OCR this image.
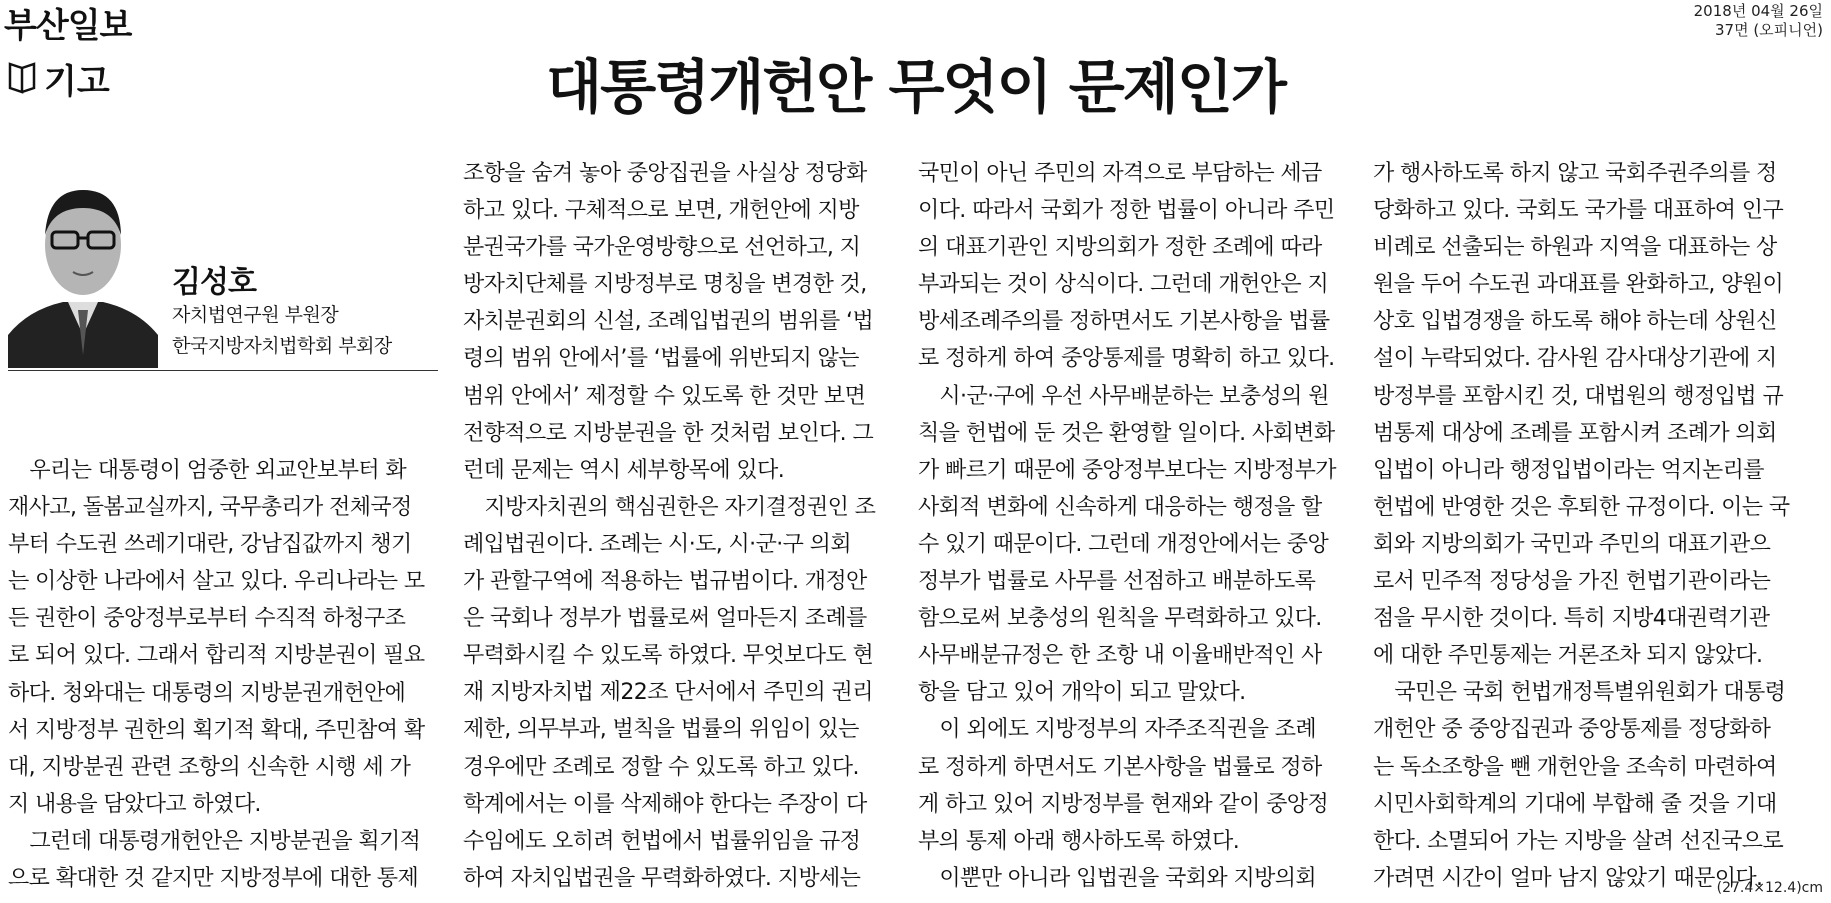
부산일보	2018년 04월 26일
37면 (오피니언)
기고	대통령개헌안 무엇이 문제인가
김성호
자치법연구원 부원장
한국지방자치법학회 부회장
　우리는 대통령이 엄중한 외교안보부터 화
재사고, 돌봄교실까지, 국무총리가 전체국정
부터 수도권 쓰레기대란, 강남집값까지 챙기
는 이상한 나라에서 살고 있다. 우리나라는 모
든 권한이 중앙정부로부터 수직적 하청구조
로 되어 있다. 그래서 합리적 지방분권이 필요
하다. 청와대는 대통령의 지방분권개헌안에
서 지방정부 권한의 획기적 확대, 주민참여 확
대, 지방분권 관련 조항의 신속한 시행 세 가
지 내용을 담았다고 하였다.
　그런데 대통령개헌안은 지방분권을 획기적
으로 확대한 것 같지만 지방정부에 대한 통제
조항을 숨겨 놓아 중앙집권을 사실상 정당화
하고 있다. 구체적으로 보면, 개헌안에 지방
분권국가를 국가운영방향으로 선언하고, 지
방자치단체를 지방정부로 명칭을 변경한 것,
자치분권회의 신설, 조례입법권의 범위를 ‘법
령의 범위 안에서’를 ‘법률에 위반되지 않는
범위 안에서’ 제정할 수 있도록 한 것만 보면
전향적으로 지방분권을 한 것처럼 보인다. 그
런데 문제는 역시 세부항목에 있다.
　지방자치권의 핵심권한은 자기결정권인 조
례입법권이다. 조례는 시·도, 시·군·구 의회
가 관할구역에 적용하는 법규범이다. 개정안
은 국회나 정부가 법률로써 얼마든지 조례를
무력화시킬 수 있도록 하였다. 무엇보다도 현
재 지방자치법 제22조 단서에서 주민의 권리
제한, 의무부과, 벌칙을 법률의 위임이 있는
경우에만 조례로 정할 수 있도록 하고 있다.
학계에서는 이를 삭제해야 한다는 주장이 다
수임에도 오히려 헌법에서 법률위임을 규정
하여 자치입법권을 무력화하였다. 지방세는
국민이 아닌 주민의 자격으로 부담하는 세금
이다. 따라서 국회가 정한 법률이 아니라 주민
의 대표기관인 지방의회가 정한 조례에 따라
부과되는 것이 상식이다. 그런데 개헌안은 지
방세조례주의를 정하면서도 기본사항을 법률
로 정하게 하여 중앙통제를 명확히 하고 있다.
　시·군·구에 우선 사무배분하는 보충성의 원
칙을 헌법에 둔 것은 환영할 일이다. 사회변화
가 빠르기 때문에 중앙정부보다는 지방정부가
사회적 변화에 신속하게 대응하는 행정을 할
수 있기 때문이다. 그런데 개정안에서는 중앙
정부가 법률로 사무를 선점하고 배분하도록
함으로써 보충성의 원칙을 무력화하고 있다.
사무배분규정은 한 조항 내 이율배반적인 사
항을 담고 있어 개악이 되고 말았다.
　이 외에도 지방정부의 자주조직권을 조례
로 정하게 하면서도 기본사항을 법률로 정하
게 하고 있어 지방정부를 현재와 같이 중앙정
부의 통제 아래 행사하도록 하였다.
　이뿐만 아니라 입법권을 국회와 지방의회
가 행사하도록 하지 않고 국회주권주의를 정
당화하고 있다. 국회도 국가를 대표하여 인구
비례로 선출되는 하원과 지역을 대표하는 상
원을 두어 수도권 과대표를 완화하고, 양원이
상호 입법경쟁을 하도록 해야 하는데 상원신
설이 누락되었다. 감사원 감사대상기관에 지
방정부를 포함시킨 것, 대법원의 행정입법 규
범통제 대상에 조례를 포함시켜 조례가 의회
입법이 아니라 행정입법이라는 억지논리를
헌법에 반영한 것은 후퇴한 규정이다. 이는 국
회와 지방의회가 국민과 주민의 대표기관으
로서 민주적 정당성을 가진 헌법기관이라는
점을 무시한 것이다. 특히 지방4대권력기관
에 대한 주민통제는 거론조차 되지 않았다.
　국민은 국회 헌법개정특별위원회가 대통령
개헌안 중 중앙집권과 중앙통제를 정당화하
는 독소조항을 뺀 개헌안을 조속히 마련하여
시민사회학계의 기대에 부합해 줄 것을 기대
한다. 소멸되어 가는 지방을 살려 선진국으로
가려면 시간이 얼마 남지 않았기 때문이다.
(27.4×12.4)cm
